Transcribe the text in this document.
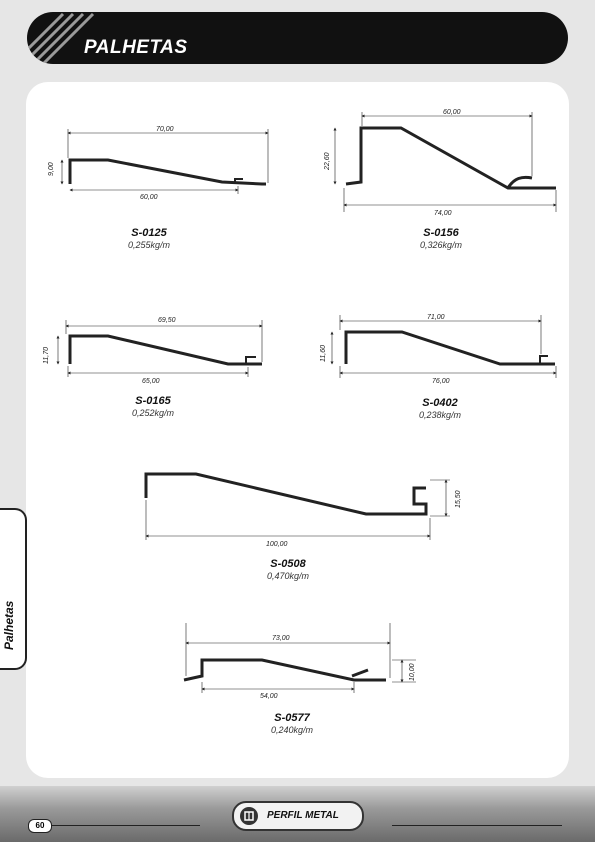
PALHETAS
Palhetas
70,00
9,00
60,00
60,00
22,60
74,00
69,50
11,70
65,00
71,00
11,60
76,00
15,50
100,00
73,00
10,00
54,00
S-0125
0,255kg/m
S-0156
0,326kg/m
S-0165
0,252kg/m
S-0402
0,238kg/m
S-0508
0,470kg/m
S-0577
0,240kg/m
60
PERFIL METAL
